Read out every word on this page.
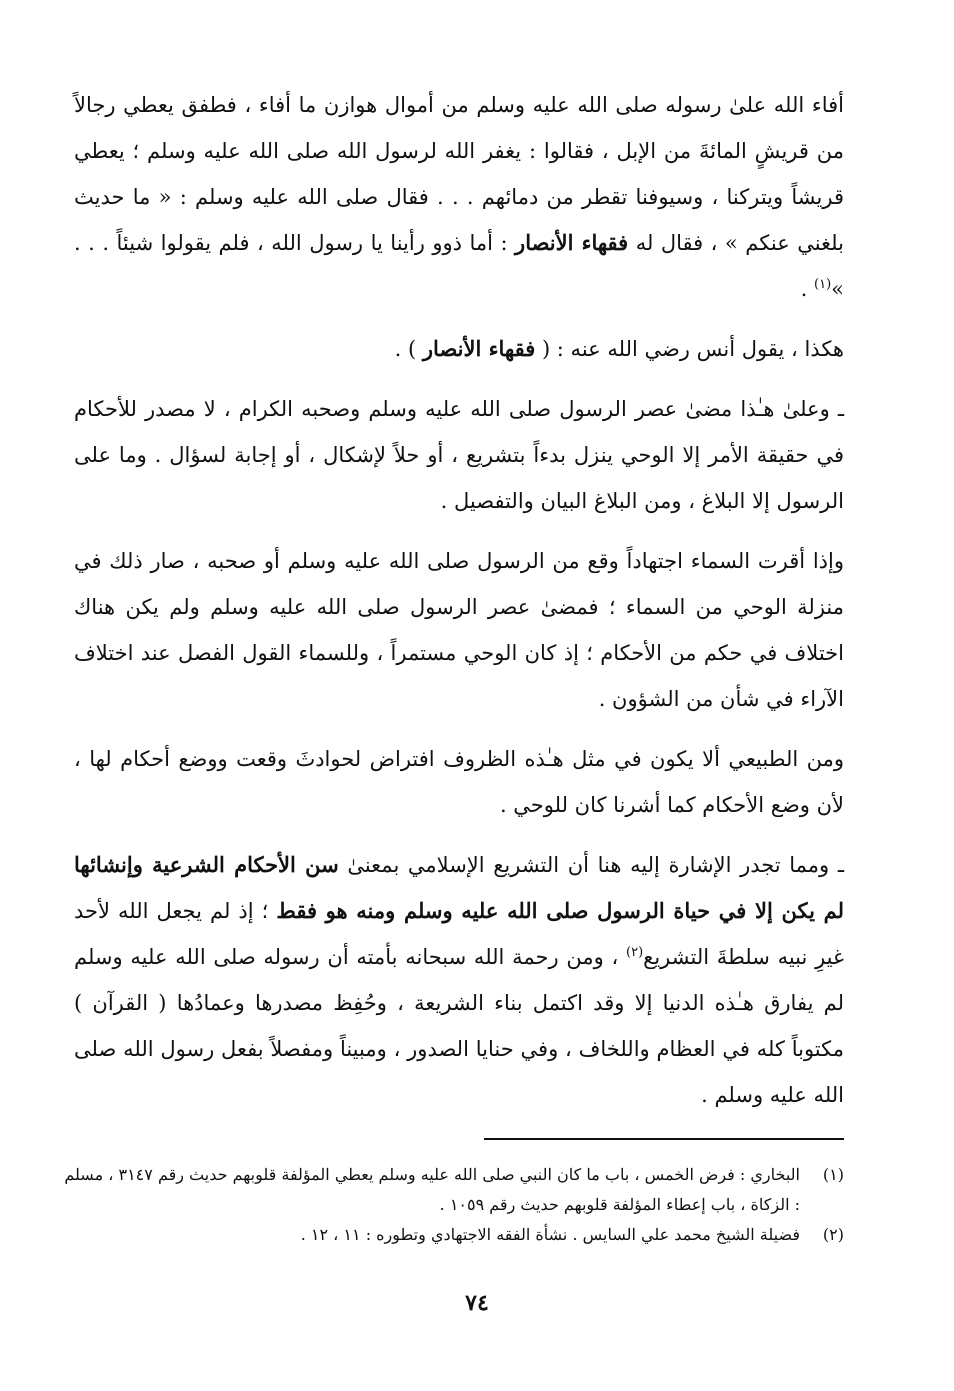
أفاء الله علىٰ رسوله صلى الله عليه وسلم من أموال هوازن ما أفاء ، فطفق يعطي رجالاً من قريشٍ المائةَ من الإبل ، فقالوا : يغفر الله لرسول الله صلى الله عليه وسلم ؛ يعطي قريشاً ويتركنا ، وسيوفنا تقطر من دمائهم . . . فقال صلى الله عليه وسلم : « ما حديث بلغني عنكم » ، فقال له فقهاء الأنصار : أما ذوو رأينا يا رسول الله ، فلم يقولوا شيئاً . . . »$^{(١)}$ .

هكذا ، يقول أنس رضي الله عنه : ( فقهاء الأنصار ) .

ـ وعلىٰ هـٰذا مضىٰ عصر الرسول صلى الله عليه وسلم وصحبه الكرام ، لا مصدر للأحكام في حقيقة الأمر إلا الوحي ينزل بدءاً بتشريع ، أو حلاً لإشكال ، أو إجابة لسؤال . وما على الرسول إلا البلاغ ، ومن البلاغ البيان والتفصيل .

وإذا أقرت السماء اجتهاداً وقع من الرسول صلى الله عليه وسلم أو صحبه ، صار ذلك في منزلة الوحي من السماء ؛ فمضىٰ عصر الرسول صلى الله عليه وسلم ولم يكن هناك اختلاف في حكم من الأحكام ؛ إذ كان الوحي مستمراً ، وللسماء القول الفصل عند اختلاف الآراء في شأن من الشؤون .

ومن الطبيعي ألا يكون في مثل هـٰذه الظروف افتراض لحوادثَ وقعت ووضع أحكام لها ، لأن وضع الأحكام كما أشرنا كان للوحي .

ـ ومما تجدر الإشارة إليه هنا أن التشريع الإسلامي بمعنىٰ سن الأحكام الشرعية وإنشائها لم يكن إلا في حياة الرسول صلى الله عليه وسلم ومنه هو فقط ؛ إذ لم يجعل الله لأحد غيرِ نبيه سلطةَ التشريع$^{(٢)}$ ، ومن رحمة الله سبحانه بأمته أن رسوله صلى الله عليه وسلم لم يفارق هـٰذه الدنيا إلا وقد اكتمل بناء الشريعة ، وحُفِظ مصدرها وعمادُها ( القرآن ) مكتوباً كله في العظام واللخاف ، وفي حنايا الصدور ، ومبيناً ومفصلاً بفعل رسول الله صلى الله عليه وسلم .

(١)
البخاري : فرض الخمس ، باب ما كان النبي صلى الله عليه وسلم يعطي المؤلفة قلوبهم حديث رقم ٣١٤٧ ، مسلم : الزكاة ، باب إعطاء المؤلفة قلوبهم حديث رقم ١٠٥٩ .
(٢)
فضيلة الشيخ محمد علي السايس . نشأة الفقه الاجتهادي وتطوره : ١١ ، ١٢ .
٧٤
